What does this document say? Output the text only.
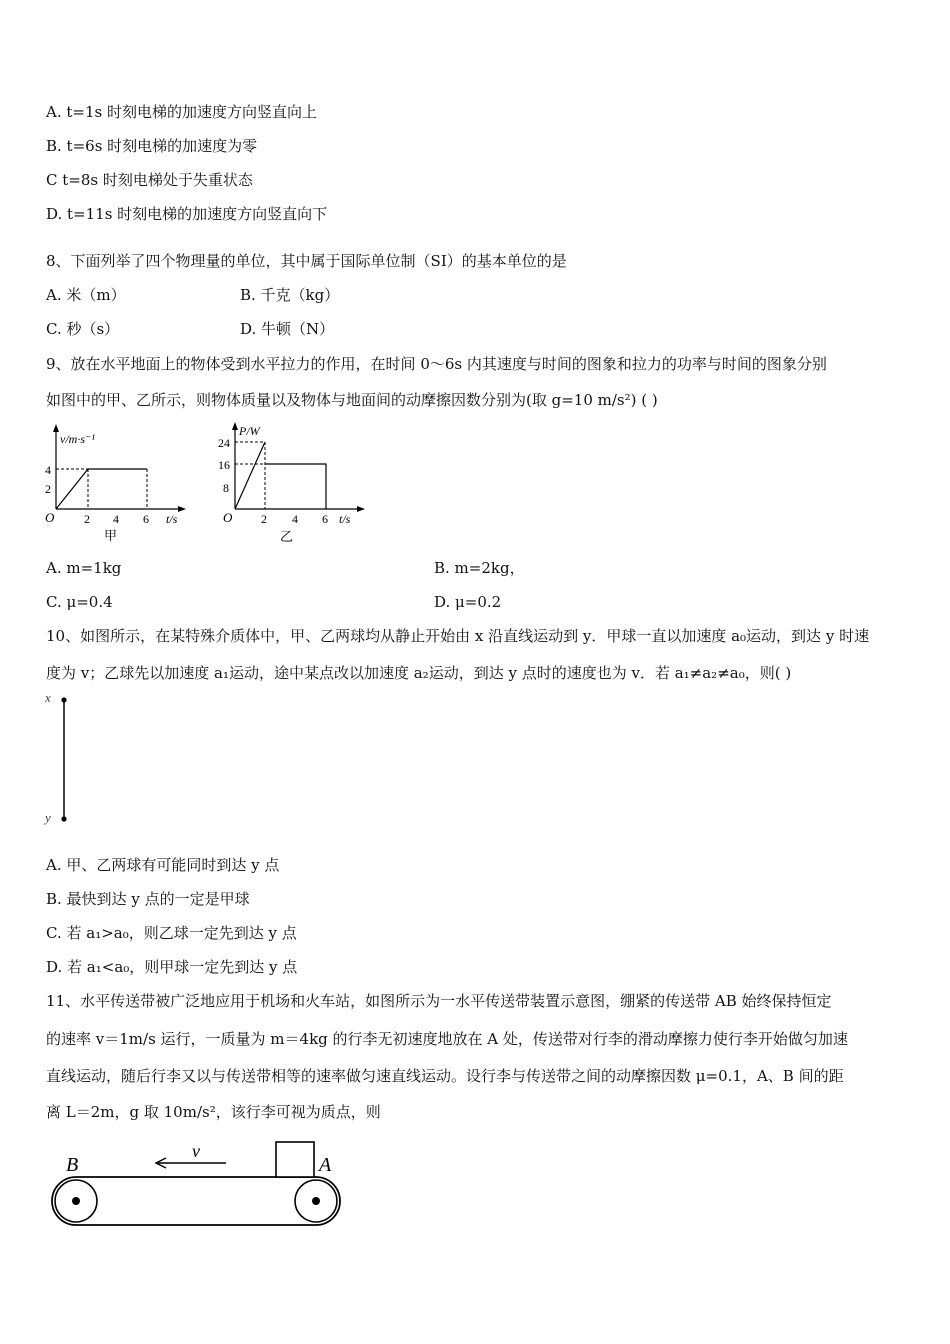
A. t=1s 时刻电梯的加速度方向竖直向上
B. t=6s 时刻电梯的加速度为零
C t=8s 时刻电梯处于失重状态
D. t=11s 时刻电梯的加速度方向竖直向下
8、下面列举了四个物理量的单位，其中属于国际单位制（SI）的基本单位的是
A. 米（m）	B. 千克（kg）
C. 秒（s）	D. 牛顿（N）
9、放在水平地面上的物体受到水平拉力的作用，在时间 0～6s 内其速度与时间的图象和拉力的功率与时间的图象分别
如图中的甲、乙所示，则物体质量以及物体与地面间的动摩擦因数分别为(取 g=10 m/s²) ( )
v/m·s⁻¹
4
2
O 2 4 6 t/s
甲
P/W
24
16
8
O 2 4 6 t/s
乙
A. m=1kg	B. m=2kg，
C. μ=0.4	D. μ=0.2
10、如图所示，在某特殊介质体中，甲、乙两球均从静止开始由 x 沿直线运动到 y．甲球一直以加速度 a₀运动，到达 y 时速
度为 v；乙球先以加速度 a₁运动，途中某点改以加速度 a₂运动，到达 y 点时的速度也为 v．若 a₁≠a₂≠a₀，则( )
x
y
A. 甲、乙两球有可能同时到达 y 点
B. 最快到达 y 点的一定是甲球
C. 若 a₁>a₀，则乙球一定先到达 y 点
D. 若 a₁<a₀，则甲球一定先到达 y 点
11、水平传送带被广泛地应用于机场和火车站，如图所示为一水平传送带装置示意图，绷紧的传送带 AB 始终保持恒定
的速率 v＝1m/s 运行，一质量为 m＝4kg 的行李无初速度地放在 A 处，传送带对行李的滑动摩擦力使行李开始做匀加速
直线运动，随后行李又以与传送带相等的速率做匀速直线运动。设行李与传送带之间的动摩擦因数 μ=0.1，A、B 间的距
离 L＝2m，g 取 10m/s²，该行李可视为质点，则
v
B	A
